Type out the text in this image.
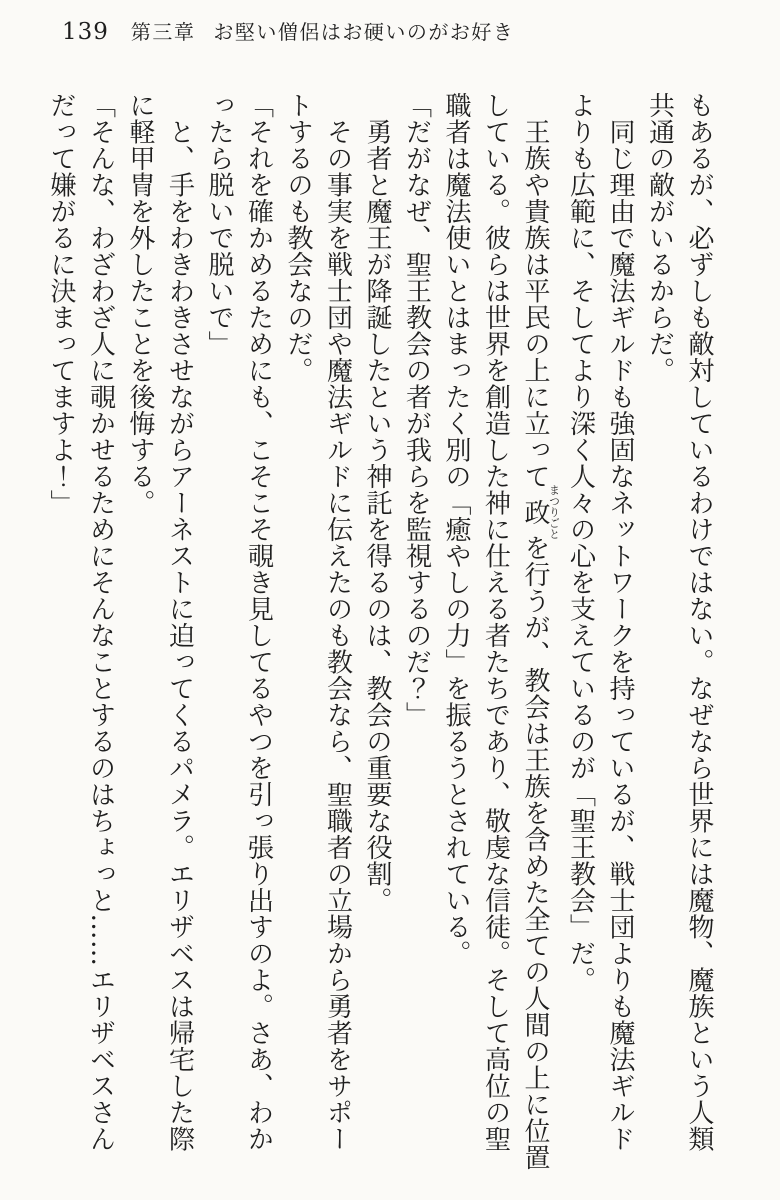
139 第三章 お堅い僧侶はお硬いのがお好き

もあるが、必ずしも敵対しているわけではない。なぜなら世界には魔物、魔族という人類

共通の敵がいるからだ。

　同じ理由で魔法ギルドも強固なネットワークを持っているが、戦士団よりも魔法ギルド

よりも広範に、そしてより深く人々の心を支えているのが「聖王教会」だ。

　王族や貴族は平民の上に立って政まつりごとを行うが、教会は王族を含めた全ての人間の上に位置

している。彼らは世界を創造した神に仕える者たちであり、敬虔な信徒。そして高位の聖

職者は魔法使いとはまったく別の「癒やしの力」を振るうとされている。

「だがなぜ、聖王教会の者が我らを監視するのだ？」

　勇者と魔王が降誕したという神託を得るのは、教会の重要な役割。

　その事実を戦士団や魔法ギルドに伝えたのも教会なら、聖職者の立場から勇者をサポー

トするのも教会なのだ。

「それを確かめるためにも、こそこそ覗き見してるやつを引っ張り出すのよ。さあ、わか

ったら脱いで脱いで」

　と、手をわきわきさせながらアーネストに迫ってくるパメラ。エリザベスは帰宅した際

に軽甲冑を外したことを後悔する。

「そんな、わざわざ人に覗かせるためにそんなことするのはちょっと……エリザベスさん

だって嫌がるに決まってますよ！」
